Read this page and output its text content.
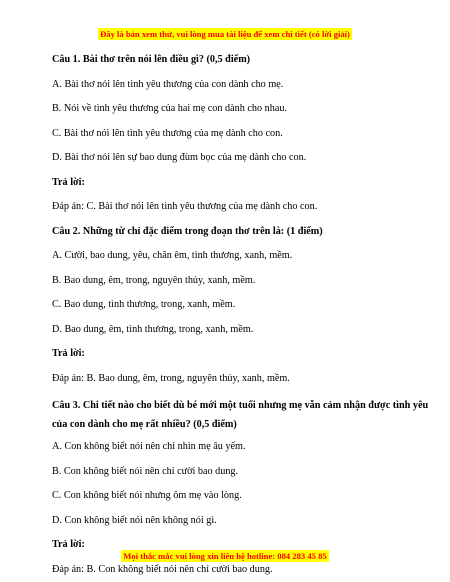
Đây là bản xem thử, vui lòng mua tài liệu để xem chi tiết (có lời giải)

Câu 1. Bài thơ trên nói lên điều gì? (0,5 điểm)

A. Bài thơ nói lên tình yêu thương của con dành cho mẹ.

B. Nói về tình yêu thương của hai mẹ con dành cho nhau.

C. Bài thơ nói lên tình yêu thương của mẹ dành cho con.

D. Bài thơ nói lên sự bao dung đùm bọc của mẹ dành cho con.

Trả lời:

Đáp án: C. Bài thơ nói lên tình yêu thương của mẹ dành cho con.

Câu 2. Những từ chỉ đặc điểm trong đoạn thơ trên là: (1 điểm)

A. Cười, bao dung, yêu, chăn êm, tình thương, xanh, mềm.

B. Bao dung, êm, trong, nguyên thủy, xanh, mềm.

C. Bao dung, tình thương, trong, xanh, mềm.

D. Bao dung, êm, tình thương, trong, xanh, mềm.

Trả lời:

Đáp án: B. Bao dung, êm, trong, nguyên thủy, xanh, mềm.

Câu 3. Chi tiết nào cho biết dù bé mới một tuổi nhưng mẹ vẫn cảm nhận được tình yêu của con dành cho mẹ rất nhiều? (0,5 điểm)

A. Con không biết nói nên chỉ nhìn mẹ âu yếm.

B. Con không biết nói nên chỉ cười bao dung.

C. Con không biết nói nhưng ôm mẹ vào lòng.

D. Con không biết nói nên không nói gì.

Trả lời:

Đáp án: B. Con không biết nói nên chỉ cười bao dung.

Mọi thắc mắc vui lòng xin liên hệ hotline: 084 283 45 85
